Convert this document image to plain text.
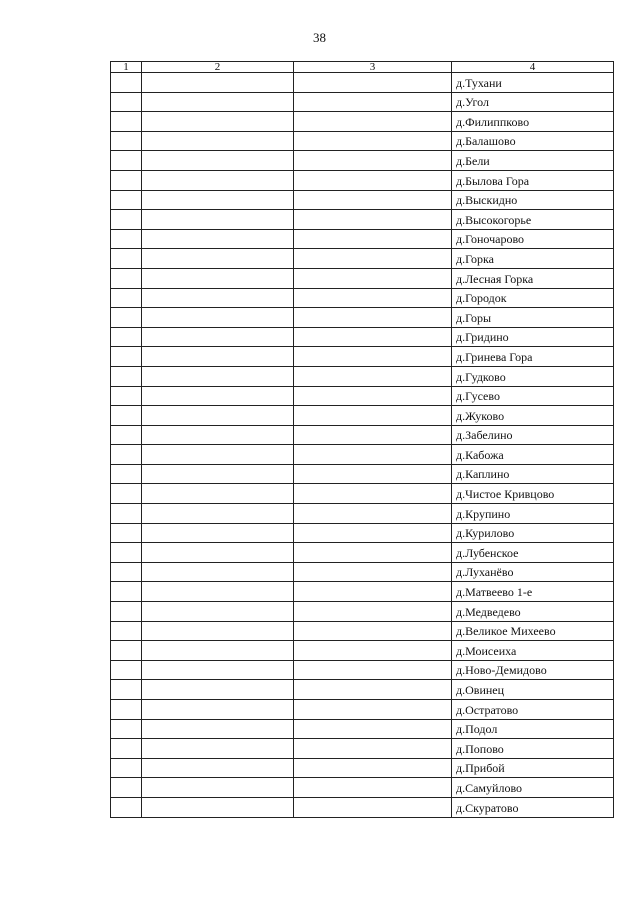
38
1	2	3	4
			д.Тухани
			д.Угол
			д.Филиппково
			д.Балашово
			д.Бели
			д.Былова Гора
			д.Выскидно
			д.Высокогорье
			д.Гоночарово
			д.Горка
			д.Лесная Горка
			д.Городок
			д.Горы
			д.Гридино
			д.Гринева Гора
			д.Гудково
			д.Гусево
			д.Жуково
			д.Забелино
			д.Кабожа
			д.Каплино
			д.Чистое Кривцово
			д.Крупино
			д.Курилово
			д.Лубенское
			д.Луханёво
			д.Матвеево 1-е
			д.Медведево
			д.Великое Михеево
			д.Моисеиха
			д.Ново-Демидово
			д.Овинец
			д.Остратово
			д.Подол
			д.Попово
			д.Прибой
			д.Самуйлово
			д.Скуратово
